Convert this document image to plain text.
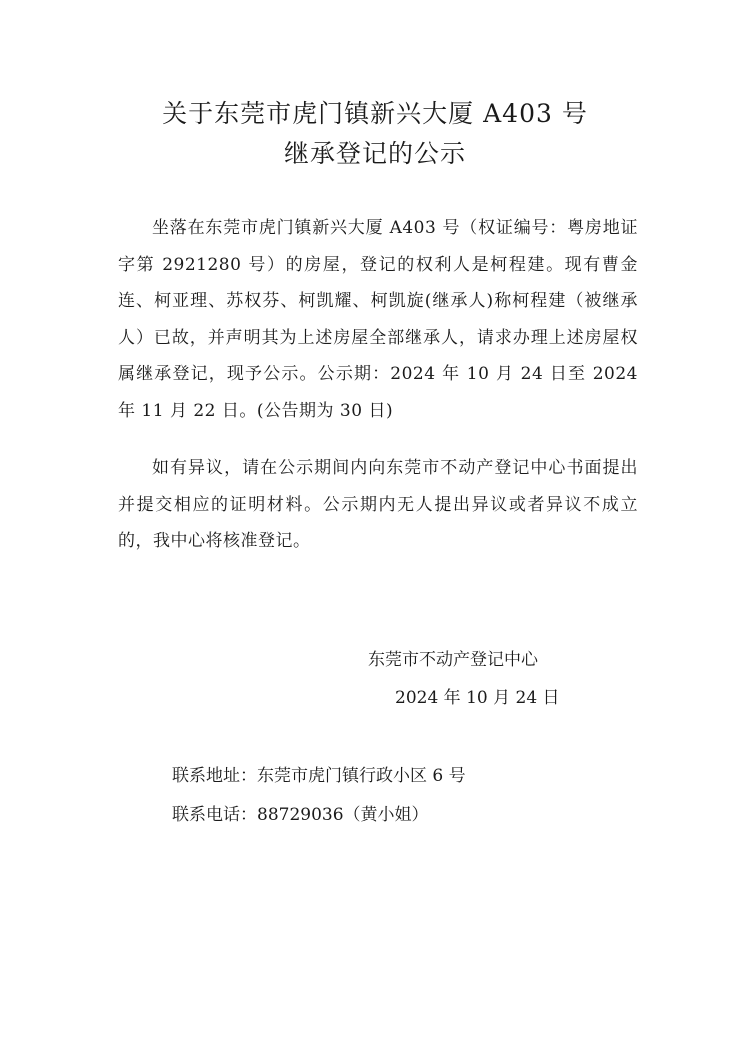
关于东莞市虎门镇新兴大厦 A403 号
继承登记的公示
坐落在东莞市虎门镇新兴大厦 A403 号（权证编号：粤房地证字第 2921280 号）的房屋，登记的权利人是柯程建。现有曹金连、柯亚理、苏权芬、柯凯耀、柯凯旋(继承人)称柯程建（被继承人）已故，并声明其为上述房屋全部继承人，请求办理上述房屋权属继承登记，现予公示。公示期：2024 年 10 月 24 日至 2024 年 11 月 22 日。(公告期为 30 日)
如有异议，请在公示期间内向东莞市不动产登记中心书面提出并提交相应的证明材料。公示期内无人提出异议或者异议不成立的，我中心将核准登记。
东莞市不动产登记中心
2024 年 10 月 24 日
联系地址：东莞市虎门镇行政小区 6 号
联系电话：88729036（黄小姐）
